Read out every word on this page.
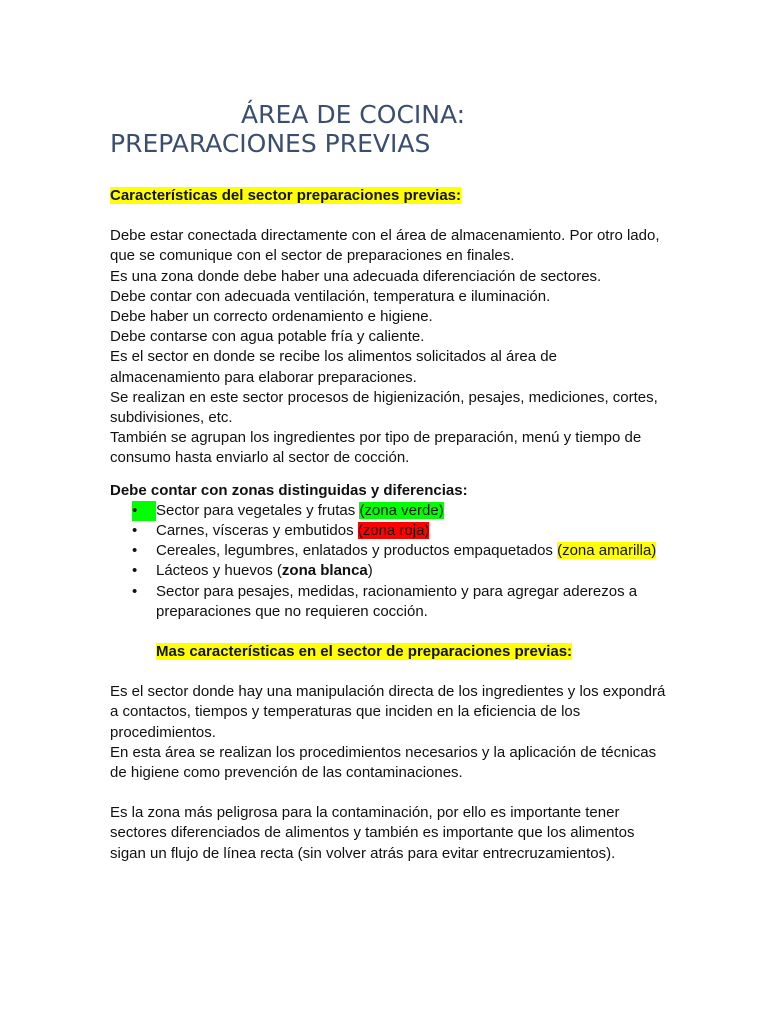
ÁREA DE COCINA:
PREPARACIONES PREVIAS

Características del sector preparaciones previas:

Debe estar conectada directamente con el área de almacenamiento. Por otro lado, que se comunique con el sector de preparaciones en finales.

Es una zona donde debe haber una adecuada diferenciación de sectores.

Debe contar con adecuada ventilación, temperatura e iluminación.

Debe haber un correcto ordenamiento e higiene.

Debe contarse con agua potable fría y caliente.

Es el sector en donde se recibe los alimentos solicitados al área de almacenamiento para elaborar preparaciones.

Se realizan en este sector procesos de higienización, pesajes, mediciones, cortes, subdivisiones, etc.

También se agrupan los ingredientes por tipo de preparación, menú y tiempo de consumo hasta enviarlo al sector de cocción.

Debe contar con zonas distinguidas y diferencias:

•	Sector para vegetales y frutas (zona verde)
•	Carnes, vísceras y embutidos (zona roja)
•	Cereales, legumbres, enlatados y productos empaquetados (zona amarilla)
•	Lácteos y huevos (zona blanca)
•	Sector para pesajes, medidas, racionamiento y para agregar aderezos a preparaciones que no requieren cocción.

Mas características en el sector de preparaciones previas:

Es el sector donde hay una manipulación directa de los ingredientes y los expondrá a contactos, tiempos y temperaturas que inciden en la eficiencia de los procedimientos.

En esta área se realizan los procedimientos necesarios y la aplicación de técnicas de higiene como prevención de las contaminaciones.

Es la zona más peligrosa para la contaminación, por ello es importante tener sectores diferenciados de alimentos y también es importante que los alimentos sigan un flujo de línea recta (sin volver atrás para evitar entrecruzamientos).
